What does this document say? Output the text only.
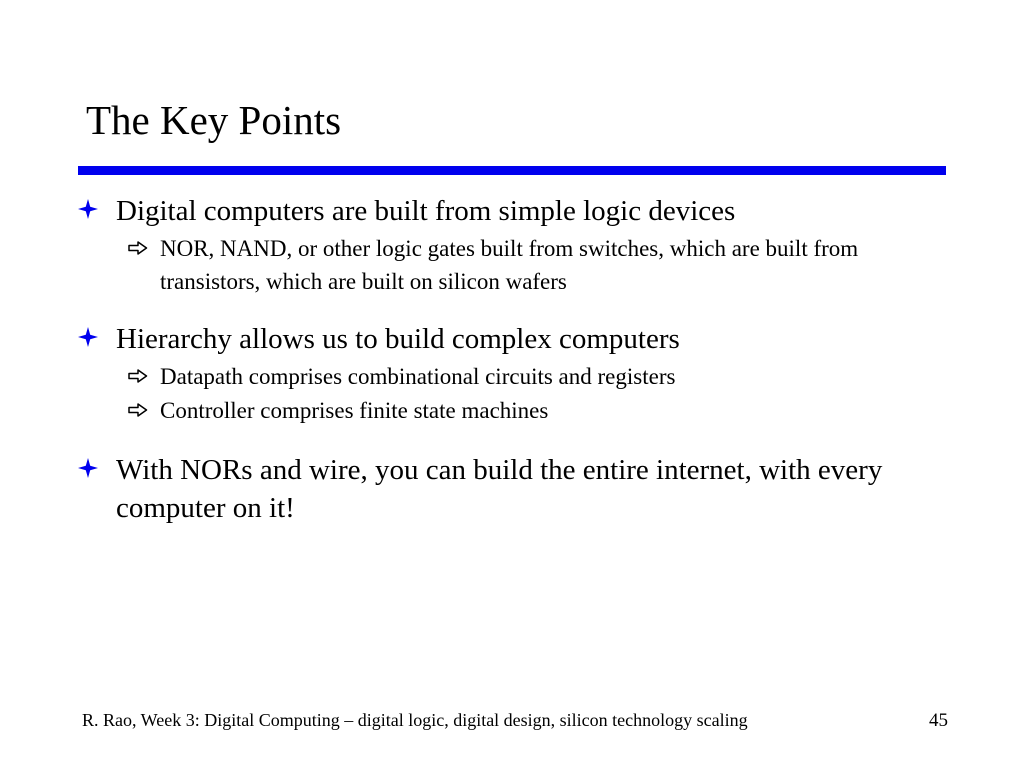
The Key Points
Digital computers are built from simple logic devices
NOR, NAND, or other logic gates built from switches, which are built from transistors, which are built on silicon wafers
Hierarchy allows us to build complex computers
Datapath comprises combinational circuits and registers
Controller comprises finite state machines
With NORs and wire, you can build the entire internet, with every computer on it!
R. Rao, Week 3: Digital Computing – digital logic, digital design, silicon technology scaling	45
